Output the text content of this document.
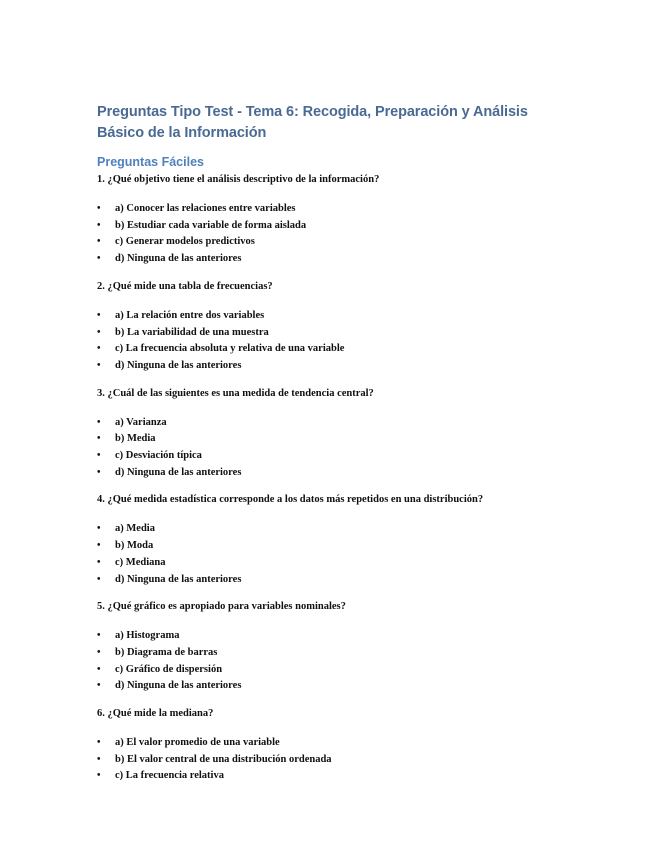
Preguntas Tipo Test - Tema 6: Recogida, Preparación y Análisis Básico de la Información
Preguntas Fáciles

1. ¿Qué objetivo tiene el análisis descriptivo de la información?

• a) Conocer las relaciones entre variables
• b) Estudiar cada variable de forma aislada
• c) Generar modelos predictivos
• d) Ninguna de las anteriores

2. ¿Qué mide una tabla de frecuencias?

• a) La relación entre dos variables
• b) La variabilidad de una muestra
• c) La frecuencia absoluta y relativa de una variable
• d) Ninguna de las anteriores

3. ¿Cuál de las siguientes es una medida de tendencia central?

• a) Varianza
• b) Media
• c) Desviación típica
• d) Ninguna de las anteriores

4. ¿Qué medida estadística corresponde a los datos más repetidos en una distribución?

• a) Media
• b) Moda
• c) Mediana
• d) Ninguna de las anteriores

5. ¿Qué gráfico es apropiado para variables nominales?

• a) Histograma
• b) Diagrama de barras
• c) Gráfico de dispersión
• d) Ninguna de las anteriores

6. ¿Qué mide la mediana?

• a) El valor promedio de una variable
• b) El valor central de una distribución ordenada
• c) La frecuencia relativa
